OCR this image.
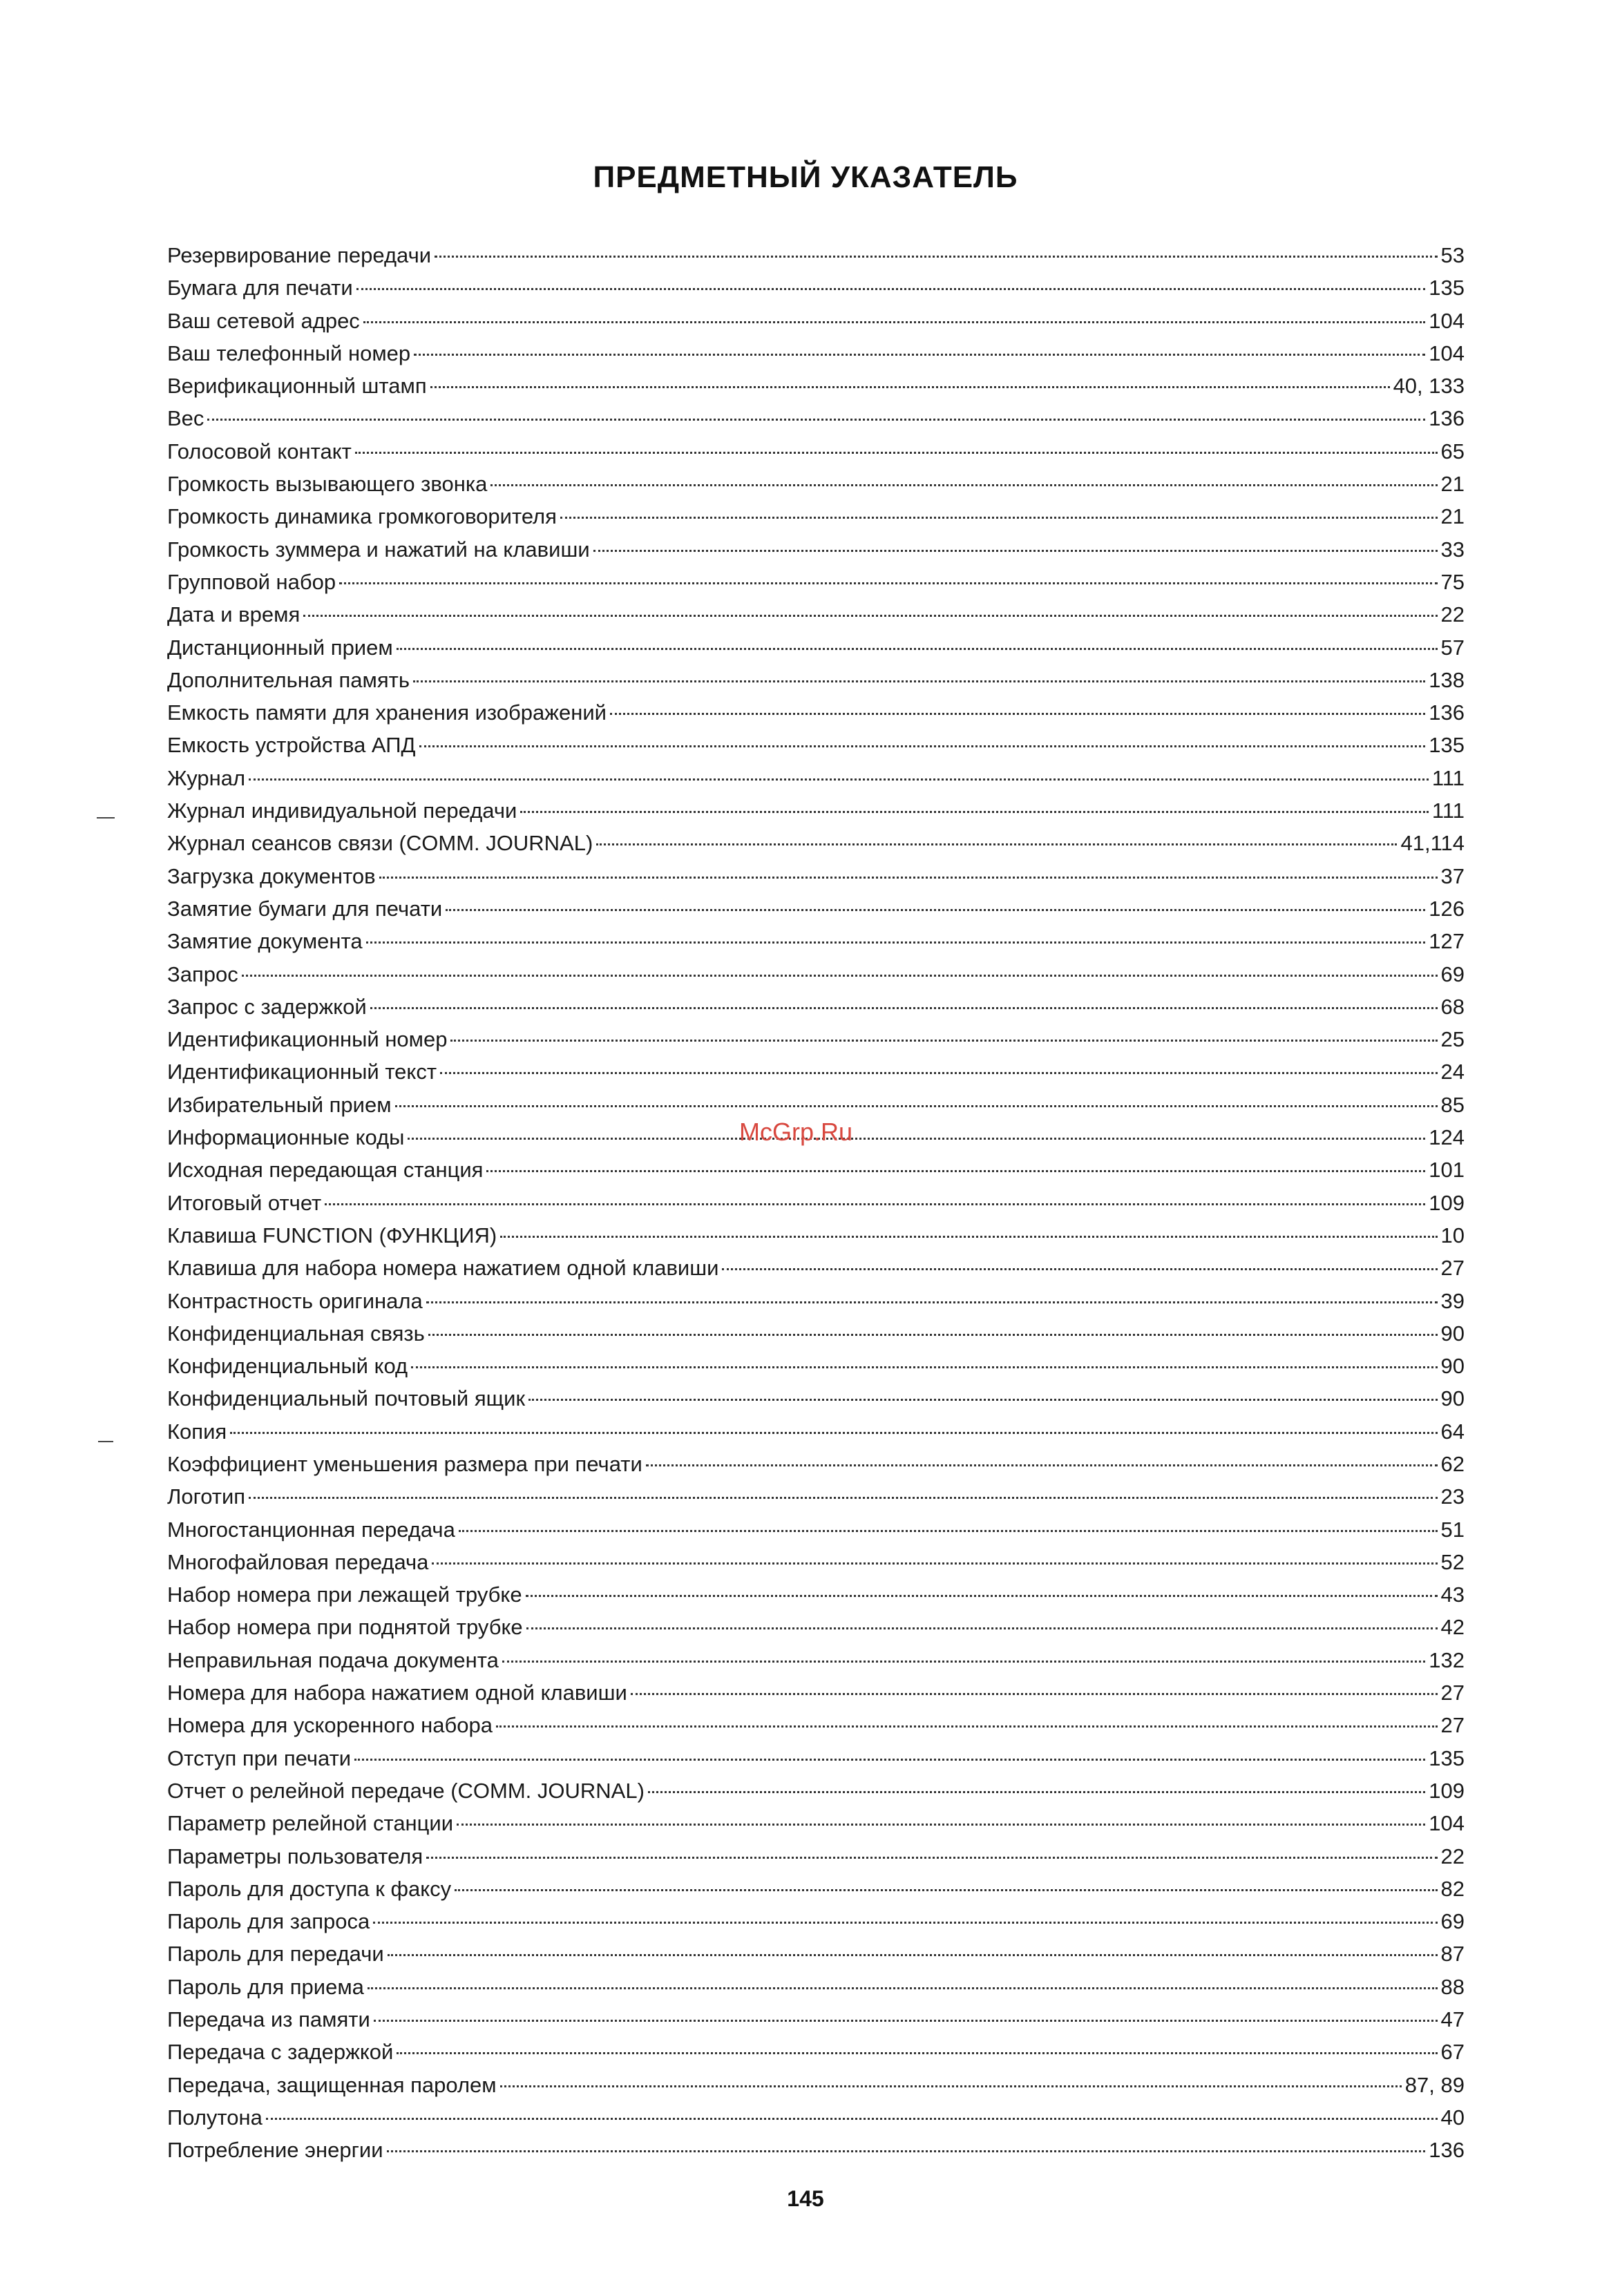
ПРЕДМЕТНЫЙ УКАЗАТЕЛЬ
Резервирование передачи	53
Бумага для печати	135
Ваш сетевой адрес	104
Ваш телефонный номер	104
Верификационный штамп	40, 133
Вес	136
Голосовой контакт	65
Громкость вызывающего звонка	21
Громкость динамика громкоговорителя	21
Громкость зуммера и нажатий на клавиши	33
Групповой набор	75
Дата и время	22
Дистанционный прием	57
Дополнительная память	138
Емкость памяти для хранения изображений	136
Емкость устройства АПД	135
Журнал	111
Журнал индивидуальной передачи	111
Журнал сеансов связи (COMM. JOURNAL)	41,114
Загрузка документов	37
Замятие бумаги для печати	126
Замятие документа	127
Запрос	69
Запрос с задержкой	68
Идентификационный номер	25
Идентификационный текст	24
Избирательный прием	85
Информационные коды	124
Исходная передающая станция	101
Итоговый отчет	109
Клавиша FUNCTION (ФУНКЦИЯ)	10
Клавиша для набора номера нажатием одной клавиши	27
Контрастность оригинала	39
Конфиденциальная связь	90
Конфиденциальный код	90
Конфиденциальный почтовый ящик	90
Копия	64
Коэффициент уменьшения размера при печати	62
Логотип	23
Многостанционная передача	51
Многофайловая передача	52
Набор номера при лежащей трубке	43
Набор номера при поднятой трубке	42
Неправильная подача документа	132
Номера для набора нажатием одной клавиши	27
Номера для ускоренного набора	27
Отступ при печати	135
Отчет о релейной передаче (COMM. JOURNAL)	109
Параметр релейной станции	104
Параметры пользователя	22
Пароль для доступа к факсу	82
Пароль для запроса	69
Пароль для передачи	87
Пароль для приема	88
Передача из памяти	47
Передача с задержкой	67
Передача, защищенная паролем	87, 89
Полутона	40
Потребление энергии	136
McGrp.Ru
145
